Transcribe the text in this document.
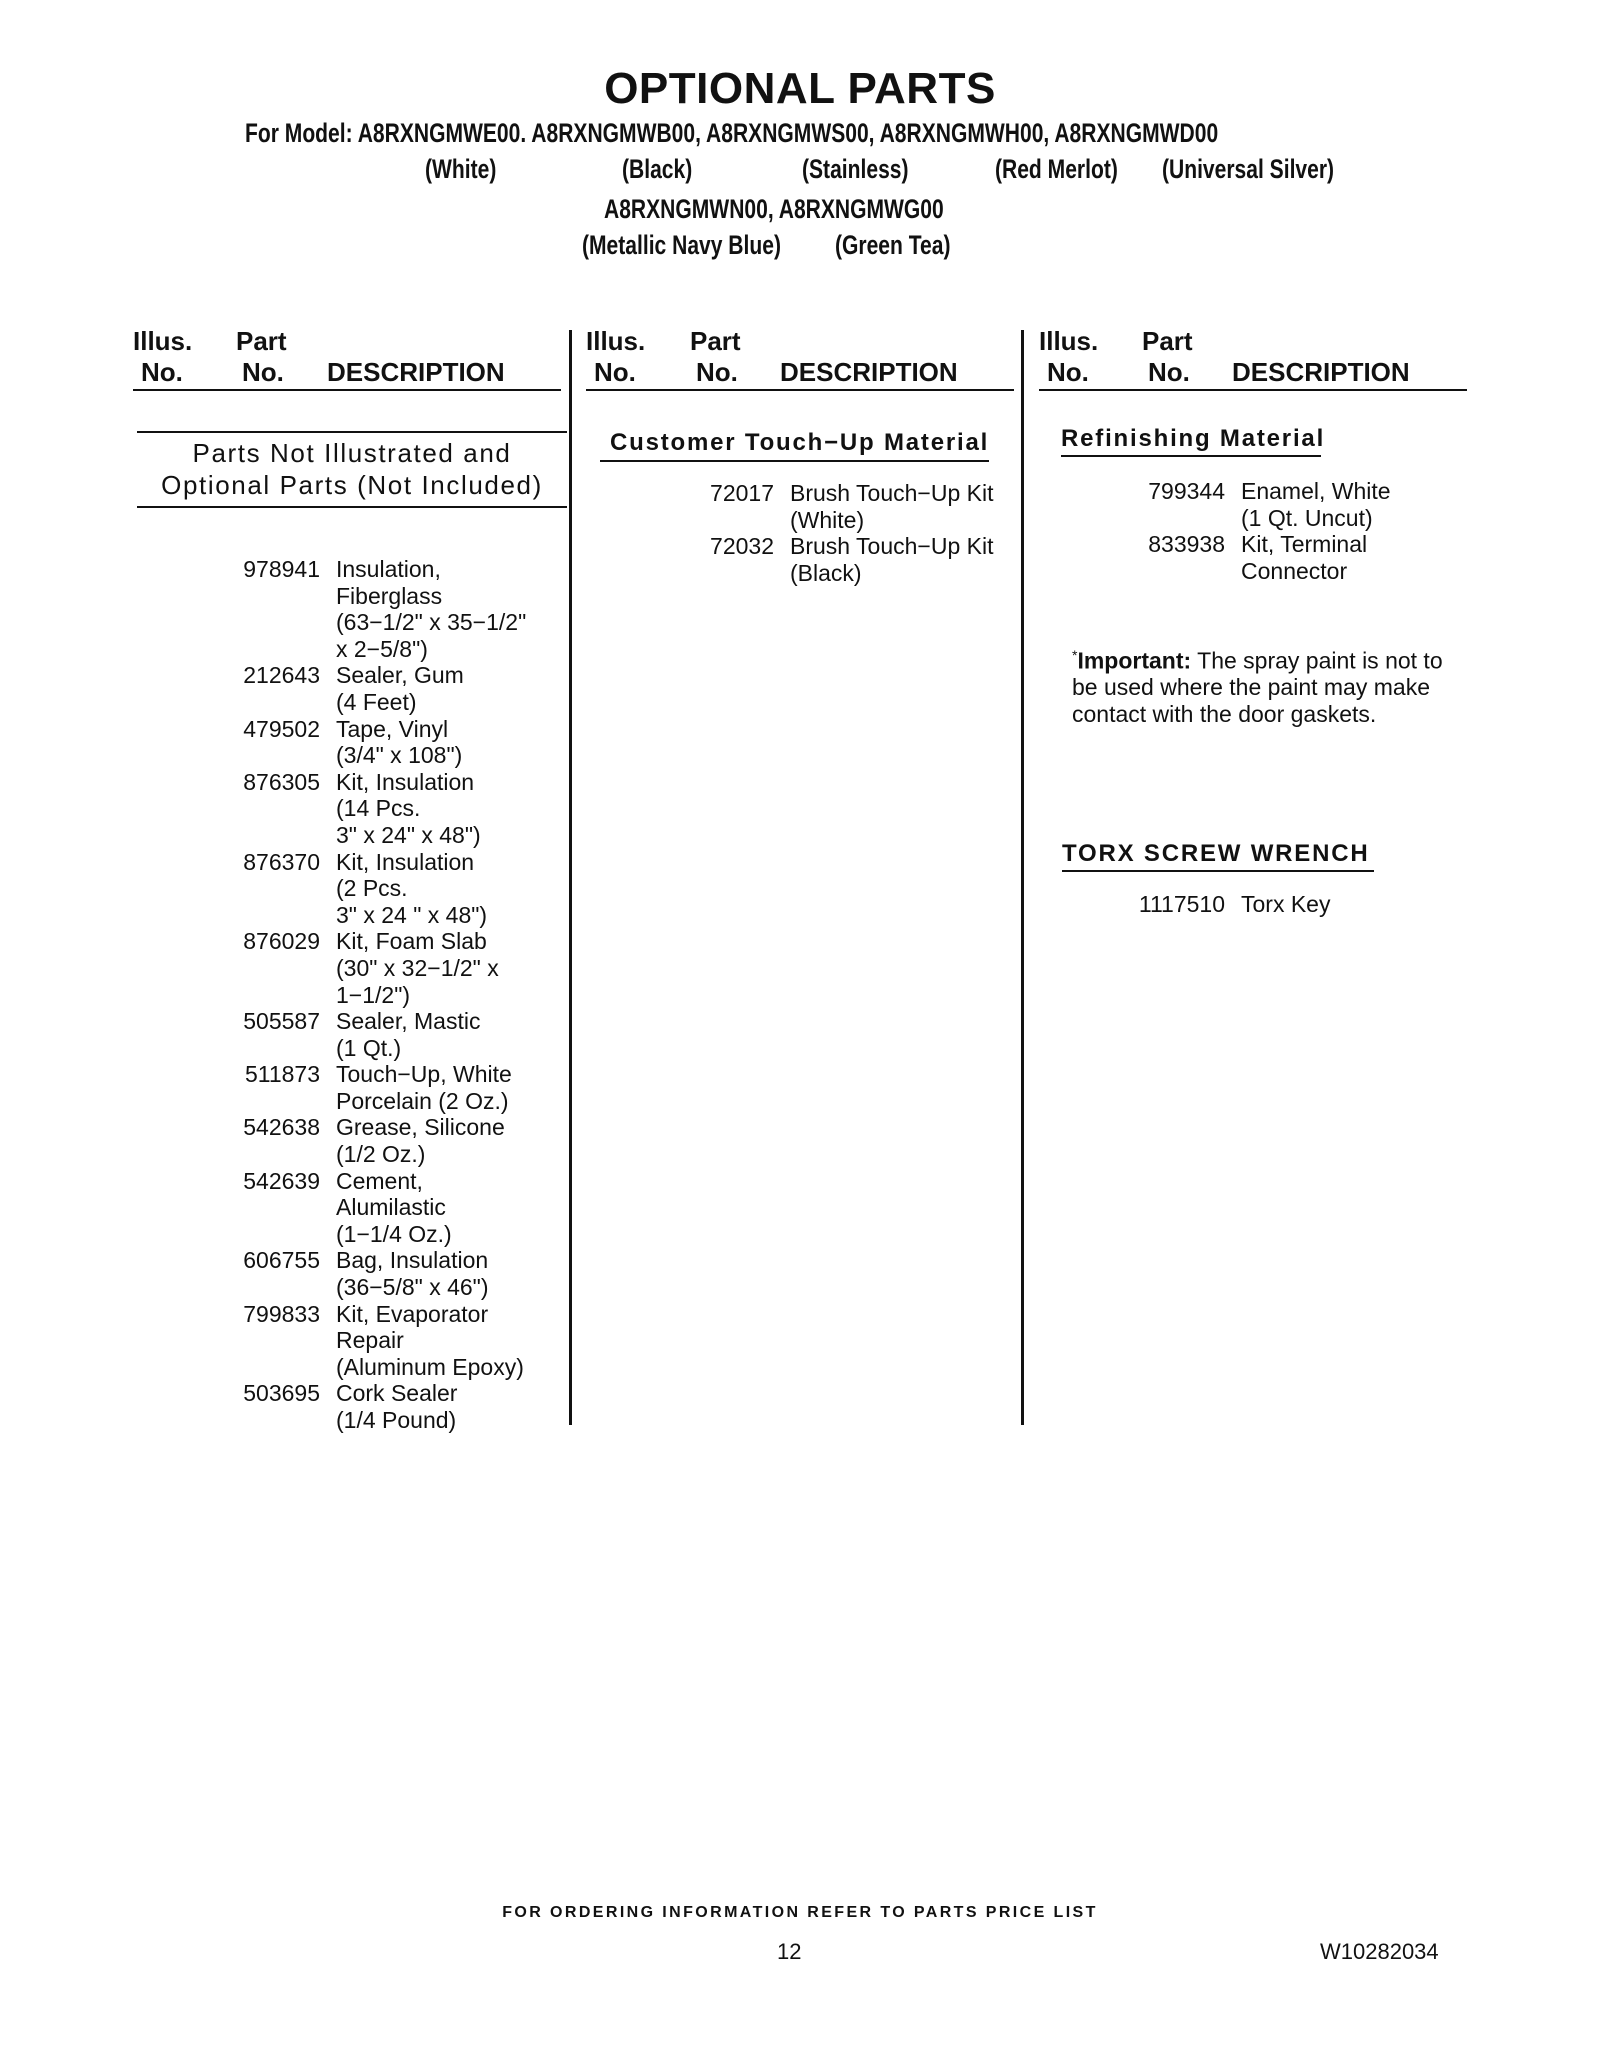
OPTIONAL PARTS
For Model: A8RXNGMWE00. A8RXNGMWB00, A8RXNGMWS00, A8RXNGMWH00, A8RXNGMWD00
(White)	(Black)	(Stainless)	(Red Merlot) (Universal Silver)
A8RXNGMWN00, A8RXNGMWG00
(Metallic Navy Blue) (Green Tea)
Illus. Part
No. No. DESCRIPTION
Illus. Part
No. No. DESCRIPTION
Illus. Part
No. No. DESCRIPTION
Parts Not Illustrated and
Optional Parts (Not Included)
978941 Insulation,
Fiberglass
(63−1/2" x 35−1/2"
x 2−5/8")
212643 Sealer, Gum
(4 Feet)
479502 Tape, Vinyl
(3/4" x 108")
876305 Kit, Insulation
(14 Pcs.
3" x 24" x 48")
876370 Kit, Insulation
(2 Pcs.
3" x 24 " x 48")
876029 Kit, Foam Slab
(30" x 32−1/2" x
1−1/2")
505587 Sealer, Mastic
(1 Qt.)
511873 Touch−Up, White
Porcelain (2 Oz.)
542638 Grease, Silicone
(1/2 Oz.)
542639 Cement,
Alumilastic
(1−1/4 Oz.)
606755 Bag, Insulation
(36−5/8" x 46")
799833 Kit, Evaporator
Repair
(Aluminum Epoxy)
503695 Cork Sealer
(1/4 Pound)
Customer Touch−Up Material
72017 Brush Touch−Up Kit
(White)
72032 Brush Touch−Up Kit
(Black)
Refinishing Material
799344 Enamel, White
(1 Qt. Uncut)
833938 Kit, Terminal
Connector
*Important: The spray paint is not to be used where the paint may make contact with the door gaskets.
TORX SCREW WRENCH
1117510 Torx Key
FOR ORDERING INFORMATION REFER TO PARTS PRICE LIST
12	W10282034
